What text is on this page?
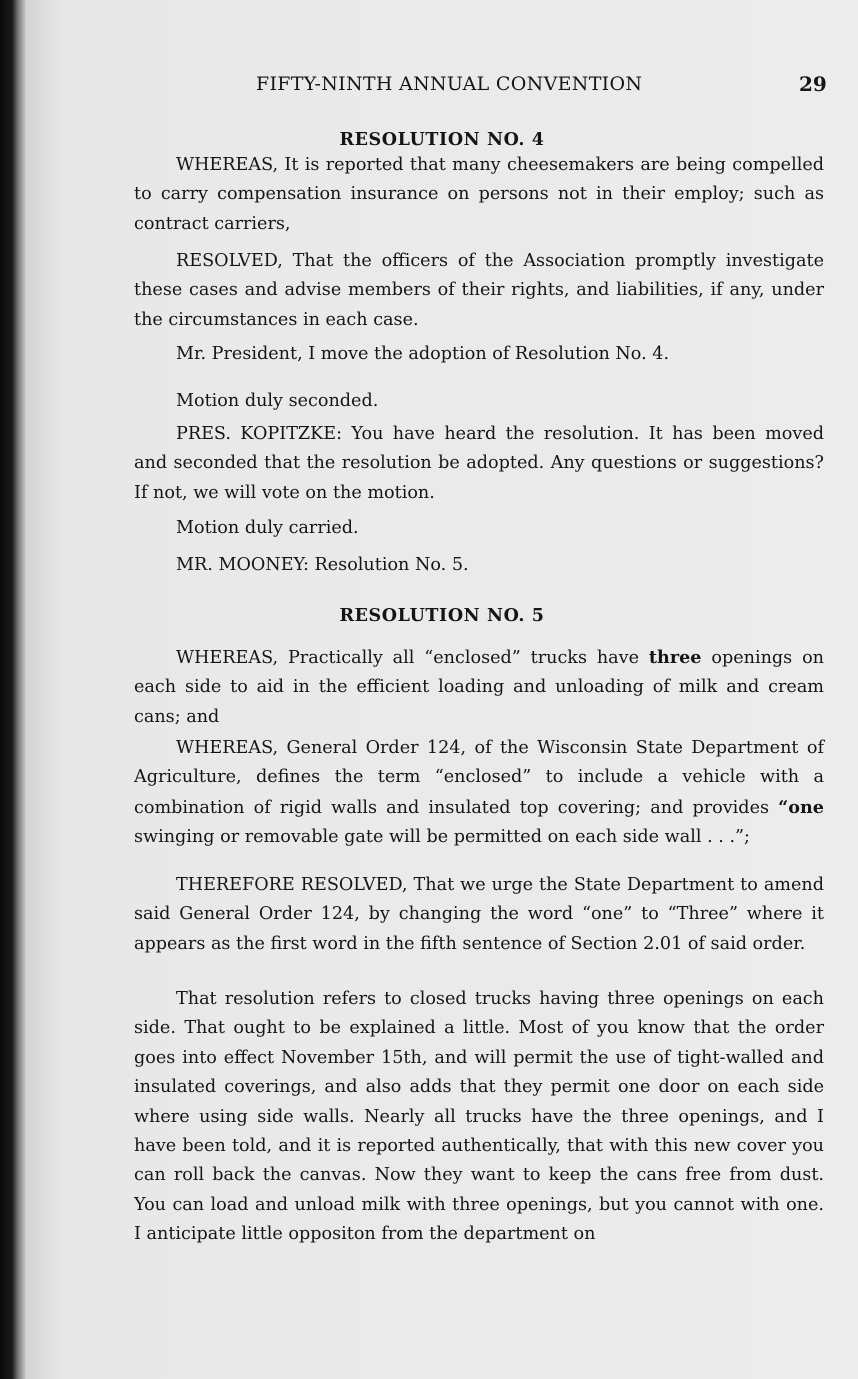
FIFTY-NINTH ANNUAL CONVENTION	29
RESOLUTION NO. 4

WHEREAS, It is reported that many cheesemakers are being compelled to carry compensation insurance on persons not in their employ; such as contract carriers,

RESOLVED, That the officers of the Association promptly investigate these cases and advise members of their rights, and liabilities, if any, under the circumstances in each case.

Mr. President, I move the adoption of Resolution No. 4.

Motion duly seconded.

PRES. KOPITZKE: You have heard the resolution. It has been moved and seconded that the resolution be adopted. Any questions or suggestions? If not, we will vote on the motion.

Motion duly carried.

MR. MOONEY: Resolution No. 5.

RESOLUTION NO. 5

WHEREAS, Practically all “enclosed” trucks have three openings on each side to aid in the efficient loading and unloading of milk and cream cans; and

WHEREAS, General Order 124, of the Wisconsin State Department of Agriculture, defines the term “enclosed” to include a vehicle with a combination of rigid walls and insulated top covering; and provides “one swinging or removable gate will be permitted on each side wall . . .”;

THEREFORE RESOLVED, That we urge the State Department to amend said General Order 124, by changing the word “one” to “Three” where it appears as the first word in the fifth sentence of Section 2.01 of said order.

That resolution refers to closed trucks having three openings on each side. That ought to be explained a little. Most of you know that the order goes into effect November 15th, and will permit the use of tight-walled and insulated coverings, and also adds that they permit one door on each side where using side walls. Nearly all trucks have the three openings, and I have been told, and it is reported authentically, that with this new cover you can roll back the canvas. Now they want to keep the cans free from dust. You can load and unload milk with three openings, but you cannot with one. I anticipate little oppositon from the department on
